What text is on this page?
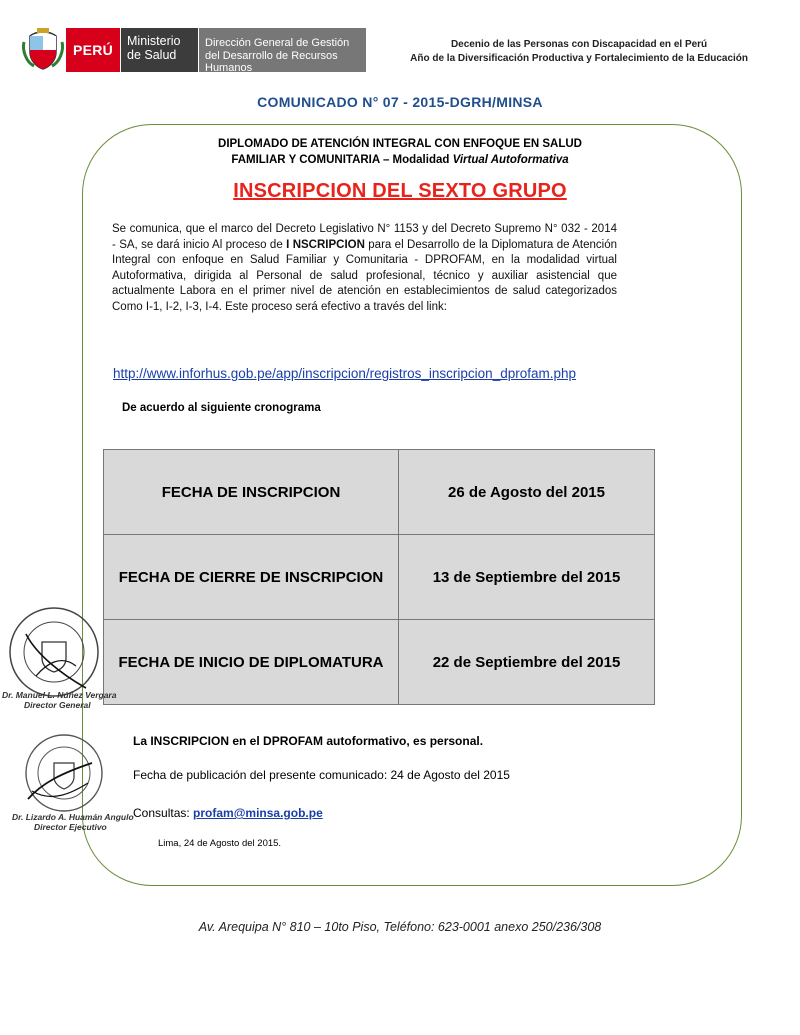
PERÚ
Ministerio de Salud
Dirección General de Gestión del Desarrollo de Recursos Humanos
Decenio de las Personas con Discapacidad en el Perú
Año de la Diversificación Productiva y Fortalecimiento de la Educación
COMUNICADO N° 07 - 2015-DGRH/MINSA
DIPLOMADO DE ATENCIÓN INTEGRAL CON ENFOQUE EN SALUD
FAMILIAR Y COMUNITARIA – Modalidad Virtual Autoformativa
INSCRIPCION DEL SEXTO GRUPO
Se comunica, que el marco del Decreto Legislativo N° 1153 y del Decreto Supremo N° 032 - 2014 - SA, se dará inicio Al proceso de I NSCRIPCION para el Desarrollo de la Diplomatura de Atención Integral con enfoque en Salud Familiar y Comunitaria - DPROFAM, en la modalidad virtual Autoformativa, dirigida al Personal de salud profesional, técnico y auxiliar asistencial que actualmente Labora en el primer nivel de atención en establecimientos de salud categorizados Como I-1, I-2, I-3, I-4. Este proceso será efectivo a través del link:
http://www.inforhus.gob.pe/app/inscripcion/registros_inscripcion_dprofam.php
De acuerdo al siguiente cronograma
FECHA DE INSCRIPCION	26 de Agosto del 2015
FECHA DE CIERRE DE INSCRIPCION	13 de Septiembre del 2015
FECHA DE INICIO DE DIPLOMATURA	22 de Septiembre del 2015
Dr. Manuel L. Núñez Vergara
Director General
Dr. Lizardo A. Huamán Angulo
Director Ejecutivo
La INSCRIPCION en el DPROFAM autoformativo, es personal.
Fecha de publicación del presente comunicado: 24 de Agosto del 2015
Consultas: profam@minsa.gob.pe
Lima, 24 de Agosto del 2015.
Av. Arequipa N° 810 – 10to Piso, Teléfono: 623-0001 anexo 250/236/308
